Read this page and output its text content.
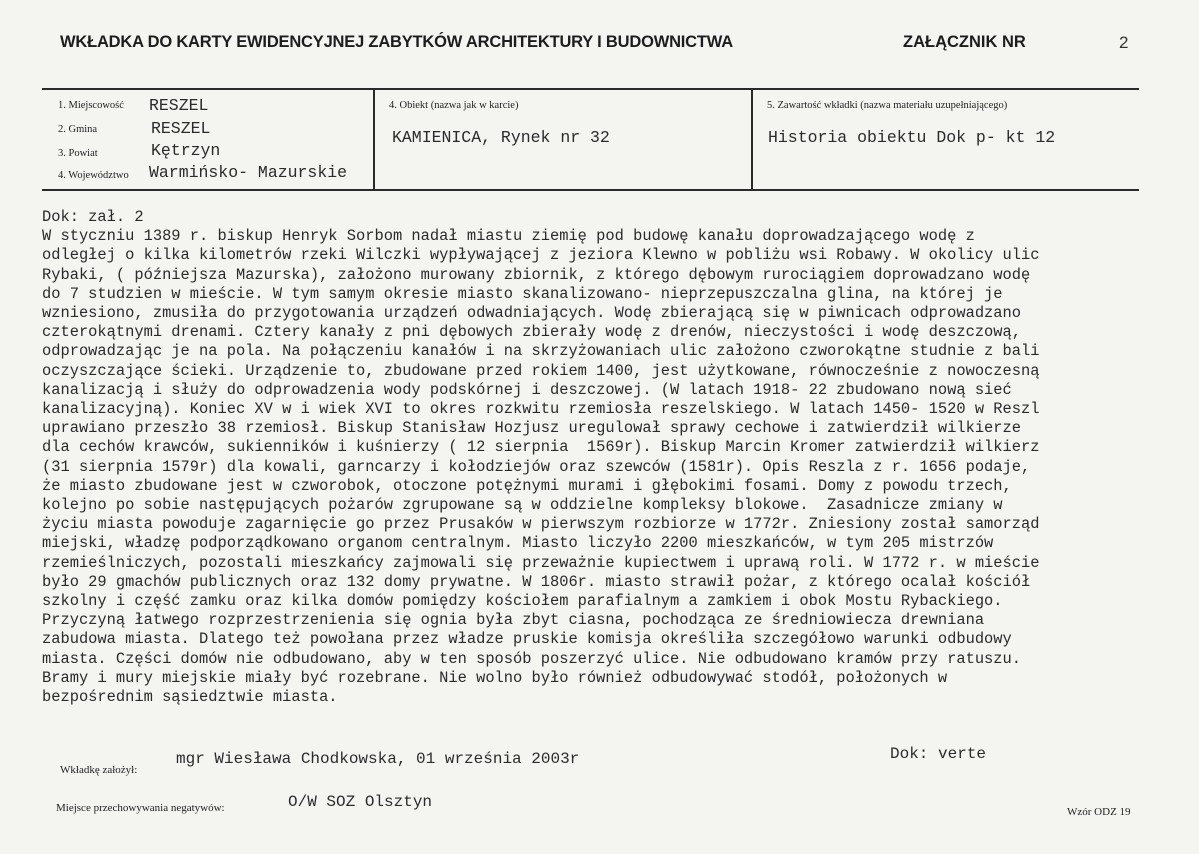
WKŁADKA DO KARTY EWIDENCYJNEJ ZABYTKÓW ARCHITEKTURY I BUDOWNICTWA	ZAŁĄCZNIK NR	2
1. Miejscowość RESZEL
2. Gmina	RESZEL
3. Powiat	Kętrzyn
4. Województwo Warmińsko- Mazurskie
4. Obiekt (nazwa jak w karcie)
KAMIENICA, Rynek nr 32
5. Zawartość wkładki (nazwa materiału uzupełniającego)
Historia obiektu Dok p- kt 12
Dok: zał. 2
W styczniu 1389 r. biskup Henryk Sorbom nadał miastu ziemię pod budowę kanału doprowadzającego wodę z
odległej o kilka kilometrów rzeki Wilczki wypływającej z jeziora Klewno w pobliżu wsi Robawy. W okolicy ulic
Rybaki, ( późniejsza Mazurska), założono murowany zbiornik, z którego dębowym rurociągiem doprowadzano wodę
do 7 studzien w mieście. W tym samym okresie miasto skanalizowano- nieprzepuszczalna glina, na której je
wzniesiono, zmusiła do przygotowania urządzeń odwadniających. Wodę zbierającą się w piwnicach odprowadzano
czterokątnymi drenami. Cztery kanały z pni dębowych zbierały wodę z drenów, nieczystości i wodę deszczową,
odprowadzając je na pola. Na połączeniu kanałów i na skrzyżowaniach ulic założono czworokątne studnie z bali
oczyszczające ścieki. Urządzenie to, zbudowane przed rokiem 1400, jest użytkowane, równocześnie z nowoczesną
kanalizacją i służy do odprowadzenia wody podskórnej i deszczowej. (W latach 1918- 22 zbudowano nową sieć
kanalizacyjną). Koniec XV w i wiek XVI to okres rozkwitu rzemiosła reszelskiego. W latach 1450- 1520 w Reszl
uprawiano przeszło 38 rzemiosł. Biskup Stanisław Hozjusz uregulował sprawy cechowe i zatwierdził wilkierze
dla cechów krawców, sukienników i kuśnierzy ( 12 sierpnia  1569r). Biskup Marcin Kromer zatwierdził wilkierz
(31 sierpnia 1579r) dla kowali, garncarzy i kołodziejów oraz szewców (1581r). Opis Reszla z r. 1656 podaje,
że miasto zbudowane jest w czworobok, otoczone potężnymi murami i głębokimi fosami. Domy z powodu trzech,
kolejno po sobie następujących pożarów zgrupowane są w oddzielne kompleksy blokowe.  Zasadnicze zmiany w
życiu miasta powoduje zagarnięcie go przez Prusaków w pierwszym rozbiorze w 1772r. Zniesiony został samorząd
miejski, władzę podporządkowano organom centralnym. Miasto liczyło 2200 mieszkańców, w tym 205 mistrzów
rzemieślniczych, pozostali mieszkańcy zajmowali się przeważnie kupiectwem i uprawą roli. W 1772 r. w mieście
było 29 gmachów publicznych oraz 132 domy prywatne. W 1806r. miasto strawił pożar, z którego ocalał kościół
szkolny i część zamku oraz kilka domów pomiędzy kościołem parafialnym a zamkiem i obok Mostu Rybackiego.
Przyczyną łatwego rozprzestrzenienia się ognia była zbyt ciasna, pochodząca ze średniowiecza drewniana
zabudowa miasta. Dlatego też powołana przez władze pruskie komisja określiła szczegółowo warunki odbudowy
miasta. Części domów nie odbudowano, aby w ten sposób poszerzyć ulice. Nie odbudowano kramów przy ratuszu.
Bramy i mury miejskie miały być rozebrane. Nie wolno było również odbudowywać stodół, położonych w
bezpośrednim sąsiedztwie miasta.
Wkładkę założył:
mgr Wiesława Chodkowska, 01 września 2003r	Dok: verte
Miejsce przechowywania negatywów:	O/W SOZ Olsztyn
Wzór ODZ 19
